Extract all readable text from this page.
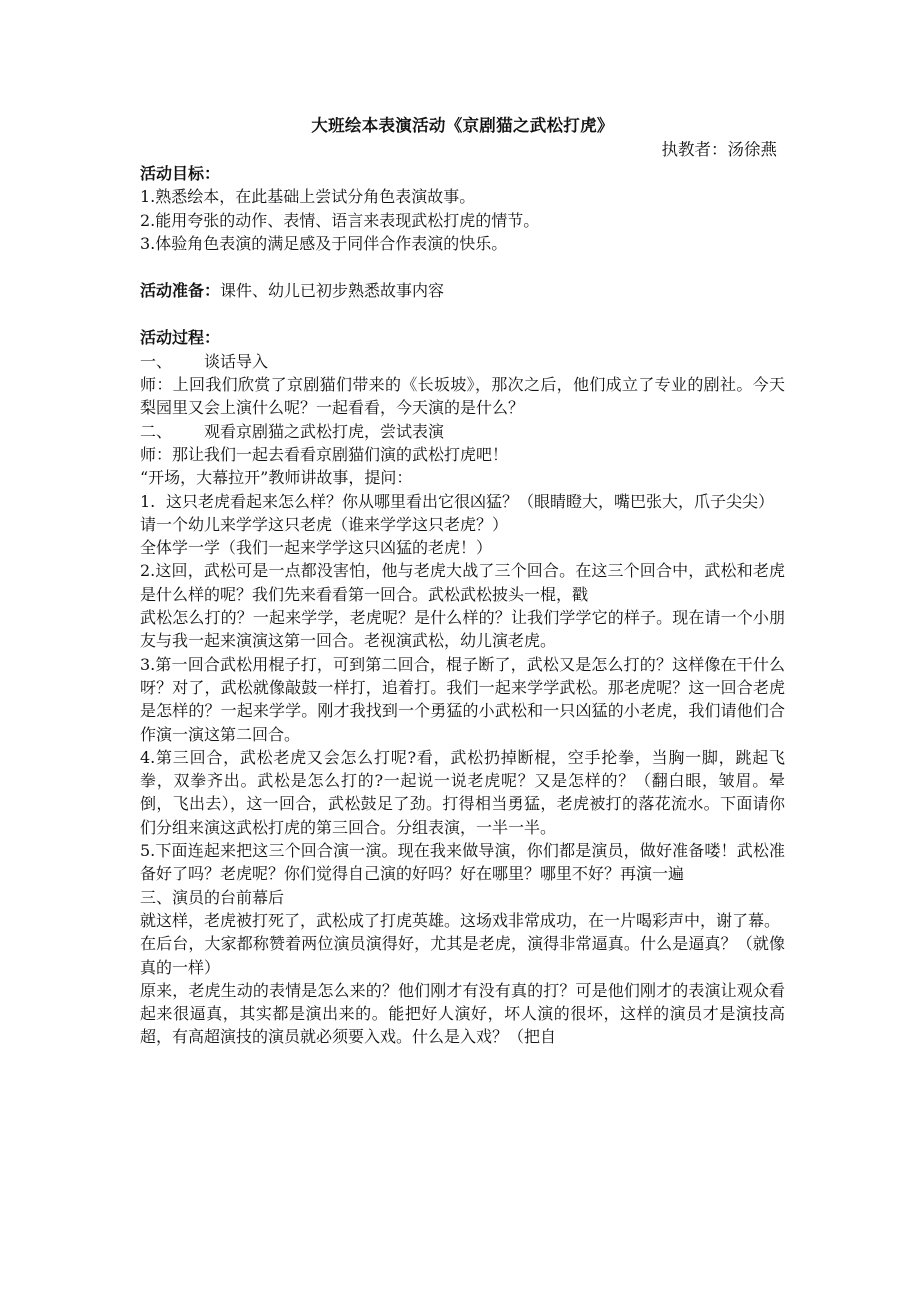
大班绘本表演活动《京剧猫之武松打虎》

执教者：汤徐燕
活动目标：

1.熟悉绘本，在此基础上尝试分角色表演故事。

2.能用夸张的动作、表情、语言来表现武松打虎的情节。

3.体验角色表演的满足感及于同伴合作表演的快乐。

活动准备：课件、幼儿已初步熟悉故事内容

活动过程：

一、 谈话导入

师：上回我们欣赏了京剧猫们带来的《长坂坡》，那次之后，他们成立了专业的剧社。今天梨园里又会上演什么呢？一起看看，今天演的是什么？

二、 观看京剧猫之武松打虎，尝试表演

师：那让我们一起去看看京剧猫们演的武松打虎吧！

“开场，大幕拉开”教师讲故事，提问：

1. 这只老虎看起来怎么样？你从哪里看出它很凶猛？（眼睛瞪大，嘴巴张大，爪子尖尖）

请一个幼儿来学学这只老虎（谁来学学这只老虎？）

全体学一学（我们一起来学学这只凶猛的老虎！）

2.这回，武松可是一点都没害怕，他与老虎大战了三个回合。在这三个回合中，武松和老虎是什么样的呢？我们先来看看第一回合。武松武松披头一棍，戳

武松怎么打的？一起来学学，老虎呢？是什么样的？让我们学学它的样子。现在请一个小朋友与我一起来演演这第一回合。老视演武松，幼儿演老虎。

3.第一回合武松用棍子打，可到第二回合，棍子断了，武松又是怎么打的？这样像在干什么呀？对了，武松就像敲鼓一样打，追着打。我们一起来学学武松。那老虎呢？这一回合老虎是怎样的？一起来学学。刚才我找到一个勇猛的小武松和一只凶猛的小老虎，我们请他们合作演一演这第二回合。

4.第三回合，武松老虎又会怎么打呢?看，武松扔掉断棍，空手抡拳，当胸一脚，跳起飞拳，双拳齐出。武松是怎么打的?一起说一说老虎呢？又是怎样的？（翻白眼，皱眉。晕倒，飞出去），这一回合，武松鼓足了劲。打得相当勇猛，老虎被打的落花流水。下面请你们分组来演这武松打虎的第三回合。分组表演，一半一半。

5.下面连起来把这三个回合演一演。现在我来做导演，你们都是演员，做好准备喽！武松准备好了吗？老虎呢？你们觉得自己演的好吗？好在哪里？哪里不好？再演一遍

三、演员的台前幕后

就这样，老虎被打死了，武松成了打虎英雄。这场戏非常成功，在一片喝彩声中，谢了幕。

在后台，大家都称赞着两位演员演得好，尤其是老虎，演得非常逼真。什么是逼真？（就像真的一样）

原来，老虎生动的表情是怎么来的？他们刚才有没有真的打？可是他们刚才的表演让观众看起来很逼真，其实都是演出来的。能把好人演好，坏人演的很坏，这样的演员才是演技高超，有高超演技的演员就必须要入戏。什么是入戏？（把自
